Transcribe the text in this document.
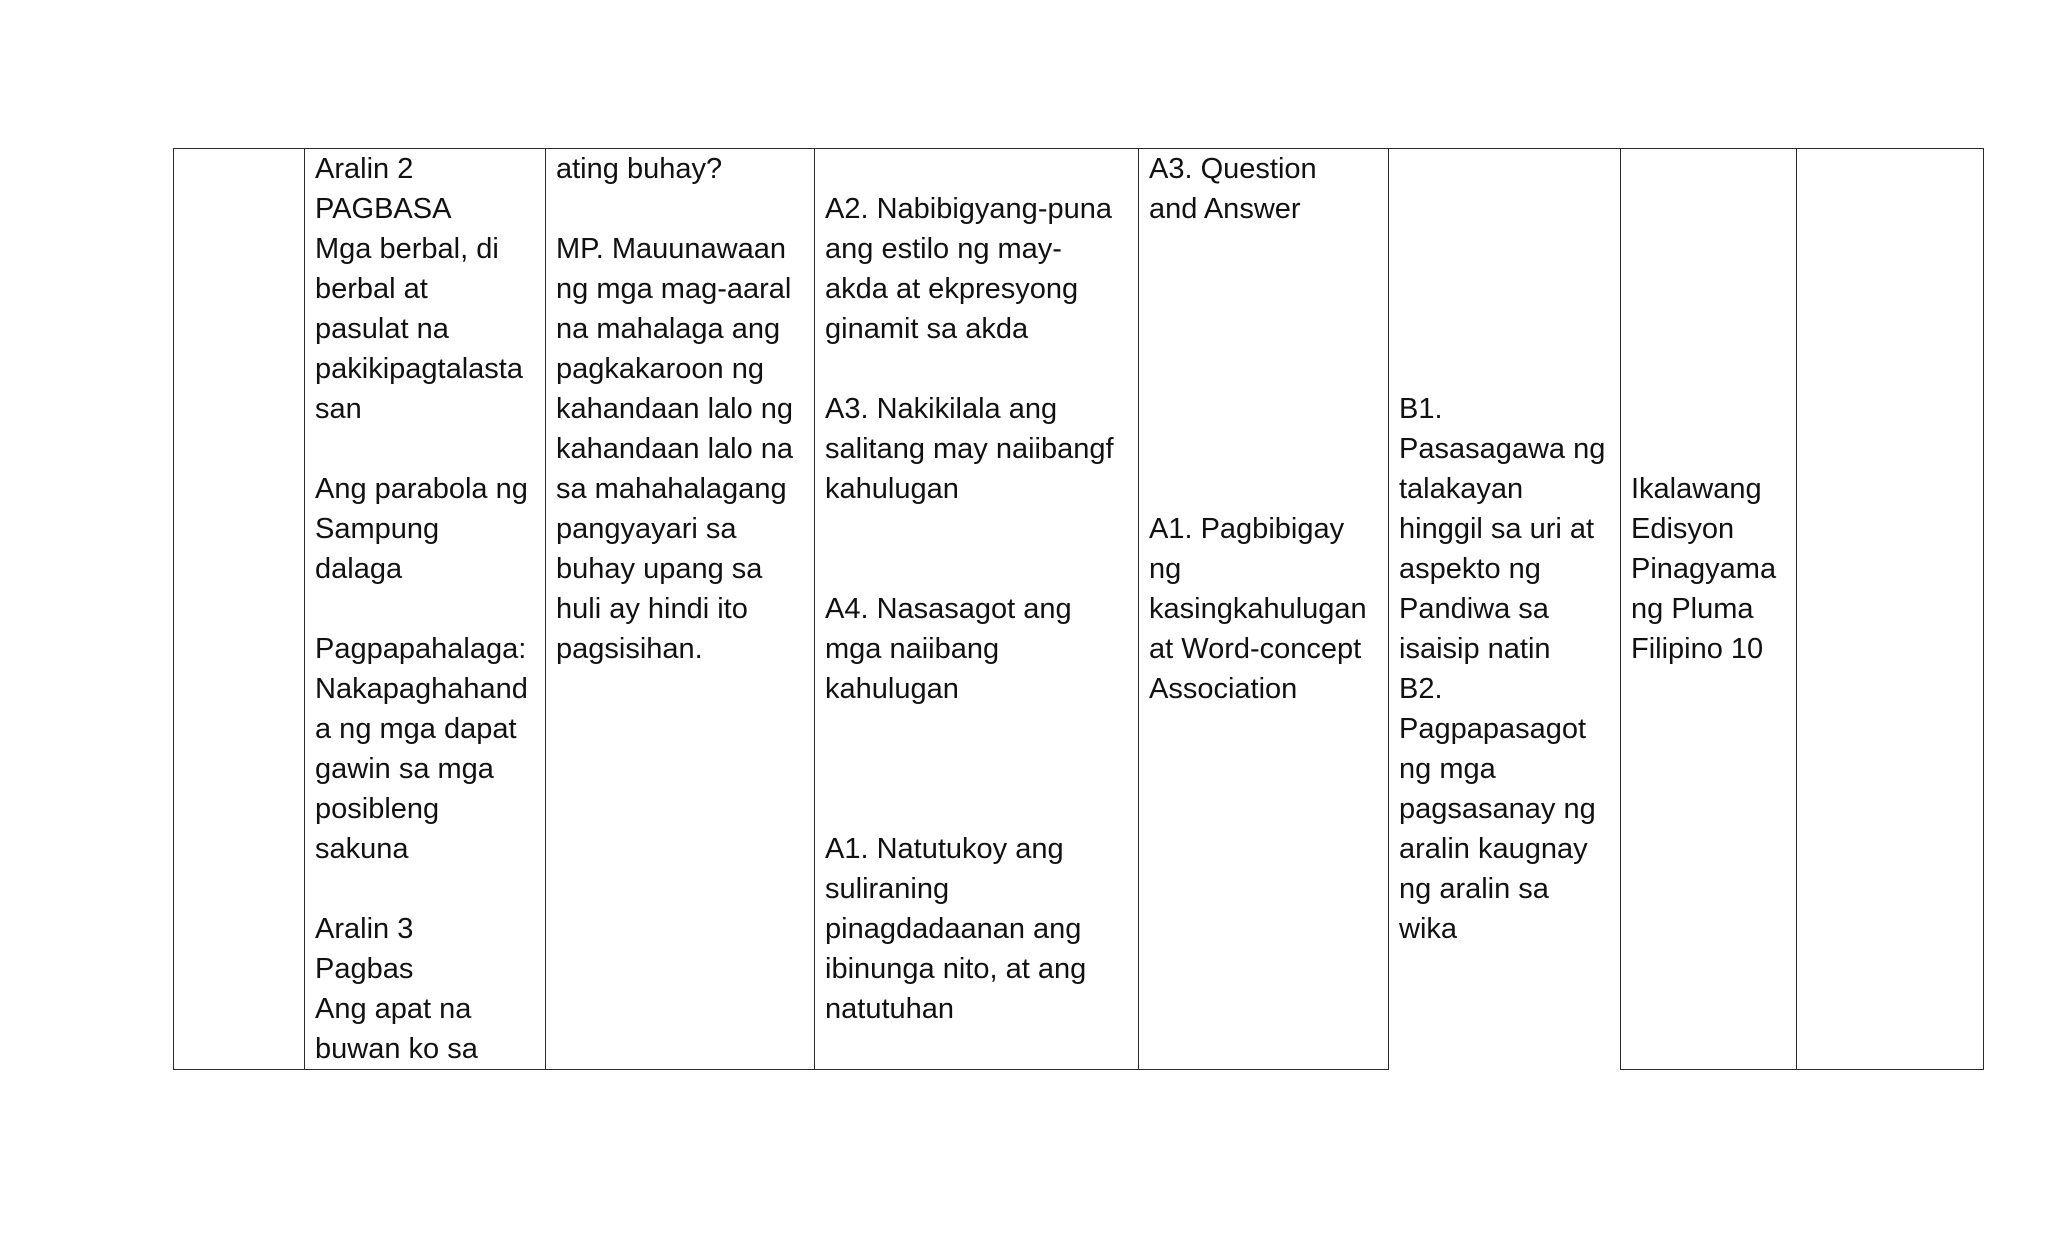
Aralin 2
PAGBASA
Mga berbal, di
berbal at
pasulat na
pakikipagtalasta
san

Ang parabola ng
Sampung
dalaga

Pagpapahalaga:
Nakapaghahand
a ng mga dapat
gawin sa mga
posibleng
sakuna

Aralin 3
Pagbas
Ang apat na
buwan ko sa
ating buhay?

MP. Mauunawaan
ng mga mag-aaral
na mahalaga ang
pagkakaroon ng
kahandaan lalo ng
kahandaan lalo na
sa mahahalagang
pangyayari sa
buhay upang sa
huli ay hindi ito
pagsisihan.

A2. Nabibigyang-puna
ang estilo ng may-
akda at ekpresyong
ginamit sa akda

A3. Nakikilala ang
salitang may naiibangf
kahulugan

A4. Nasasagot ang
mga naiibang
kahulugan

A1. Natutukoy ang
suliraning
pinagdadaanan ang
ibinunga nito, at ang
natutuhan
A3. Question
and Answer

A1. Pagbibigay
ng
kasingkahulugan
at Word-concept
Association

B1.
Pasasagawa ng
talakayan
hinggil sa uri at
aspekto ng
Pandiwa sa
isaisip natin
B2.
Pagpapasagot
ng mga
pagsasanay ng
aralin kaugnay
ng aralin sa
wika

Ikalawang
Edisyon
Pinagyama
ng Pluma
Filipino 10
